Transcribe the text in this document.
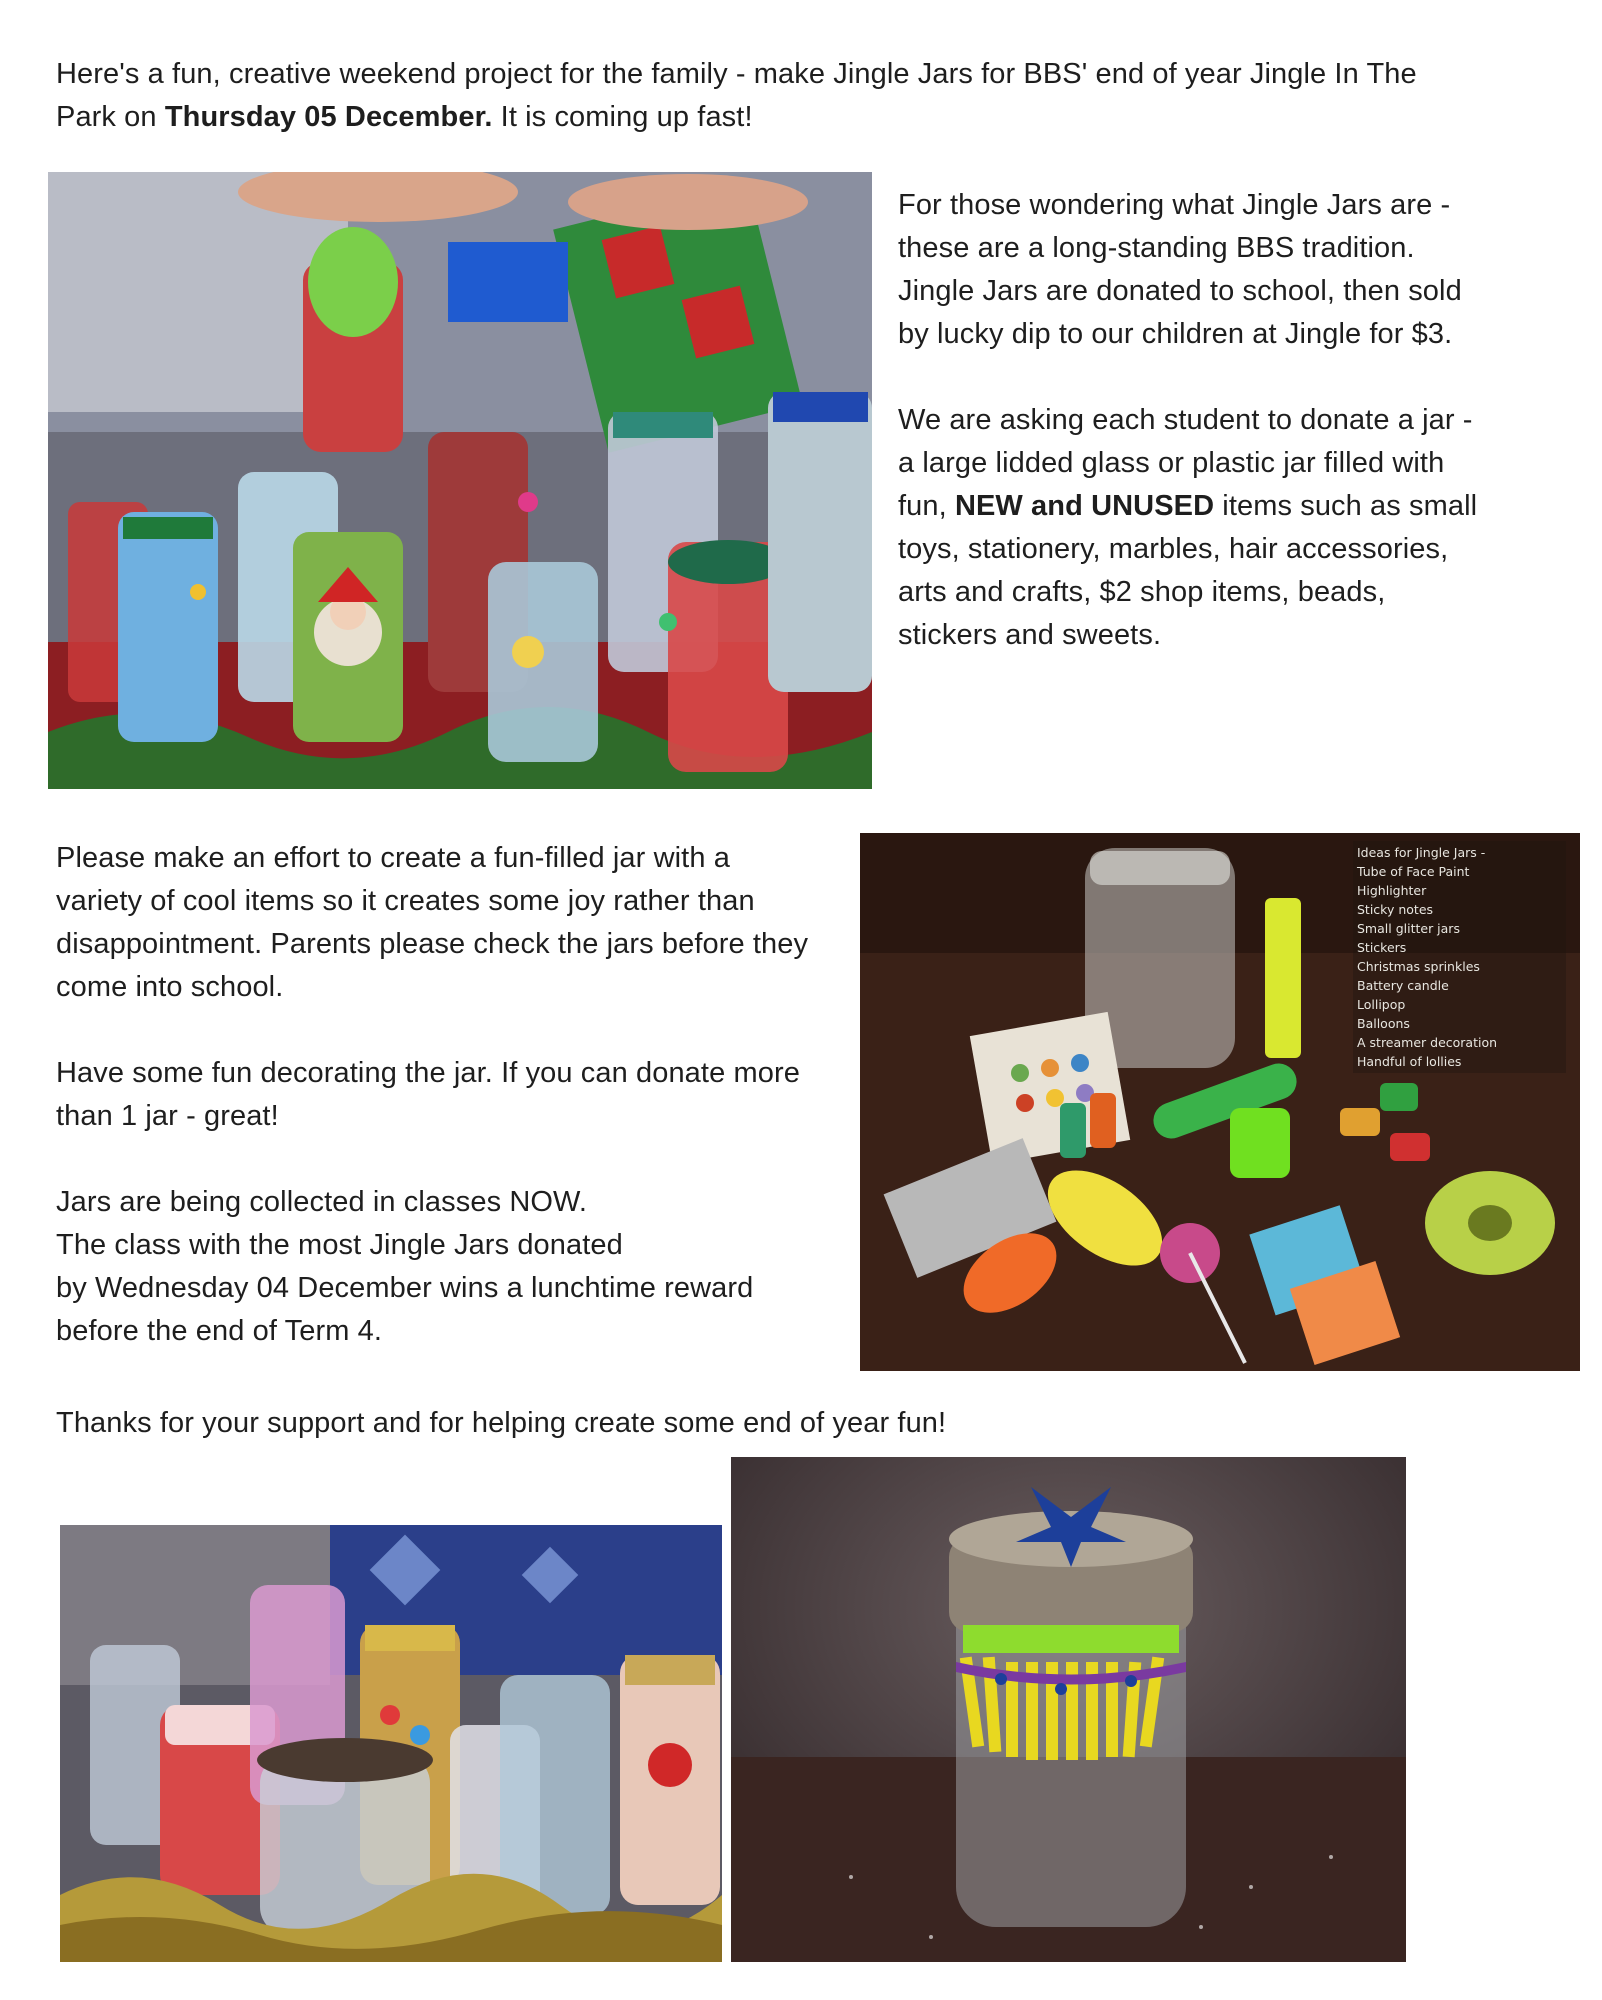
Here's a fun, creative weekend project for the family - make Jingle Jars for BBS' end of year Jingle In The Park on Thursday 05 December. It is coming up fast!

For those wondering what Jingle Jars are - these are a long-standing BBS tradition. Jingle Jars are donated to school, then sold by lucky dip to our children at Jingle for $3.

We are asking each student to donate a jar - a large lidded glass or plastic jar filled with fun, NEW and UNUSED items such as small toys, stationery, marbles, hair accessories, arts and crafts, $2 shop items, beads, stickers and sweets.

Please make an effort to create a fun-filled jar with a variety of cool items so it creates some joy rather than disappointment. Parents please check the jars before they come into school.

Have some fun decorating the jar. If you can donate more than 1 jar - great!

Jars are being collected in classes NOW.

The class with the most Jingle Jars donated

by Wednesday 04 December wins a lunchtime reward

before the end of Term 4.

Ideas for Jingle Jars -
Tube of Face Paint
Highlighter
Sticky notes
Small glitter jars
Stickers
Christmas sprinkles
Battery candle
Lollipop
Balloons
A streamer decoration
Handful of lollies

Thanks for your support and for helping create some end of year fun!
